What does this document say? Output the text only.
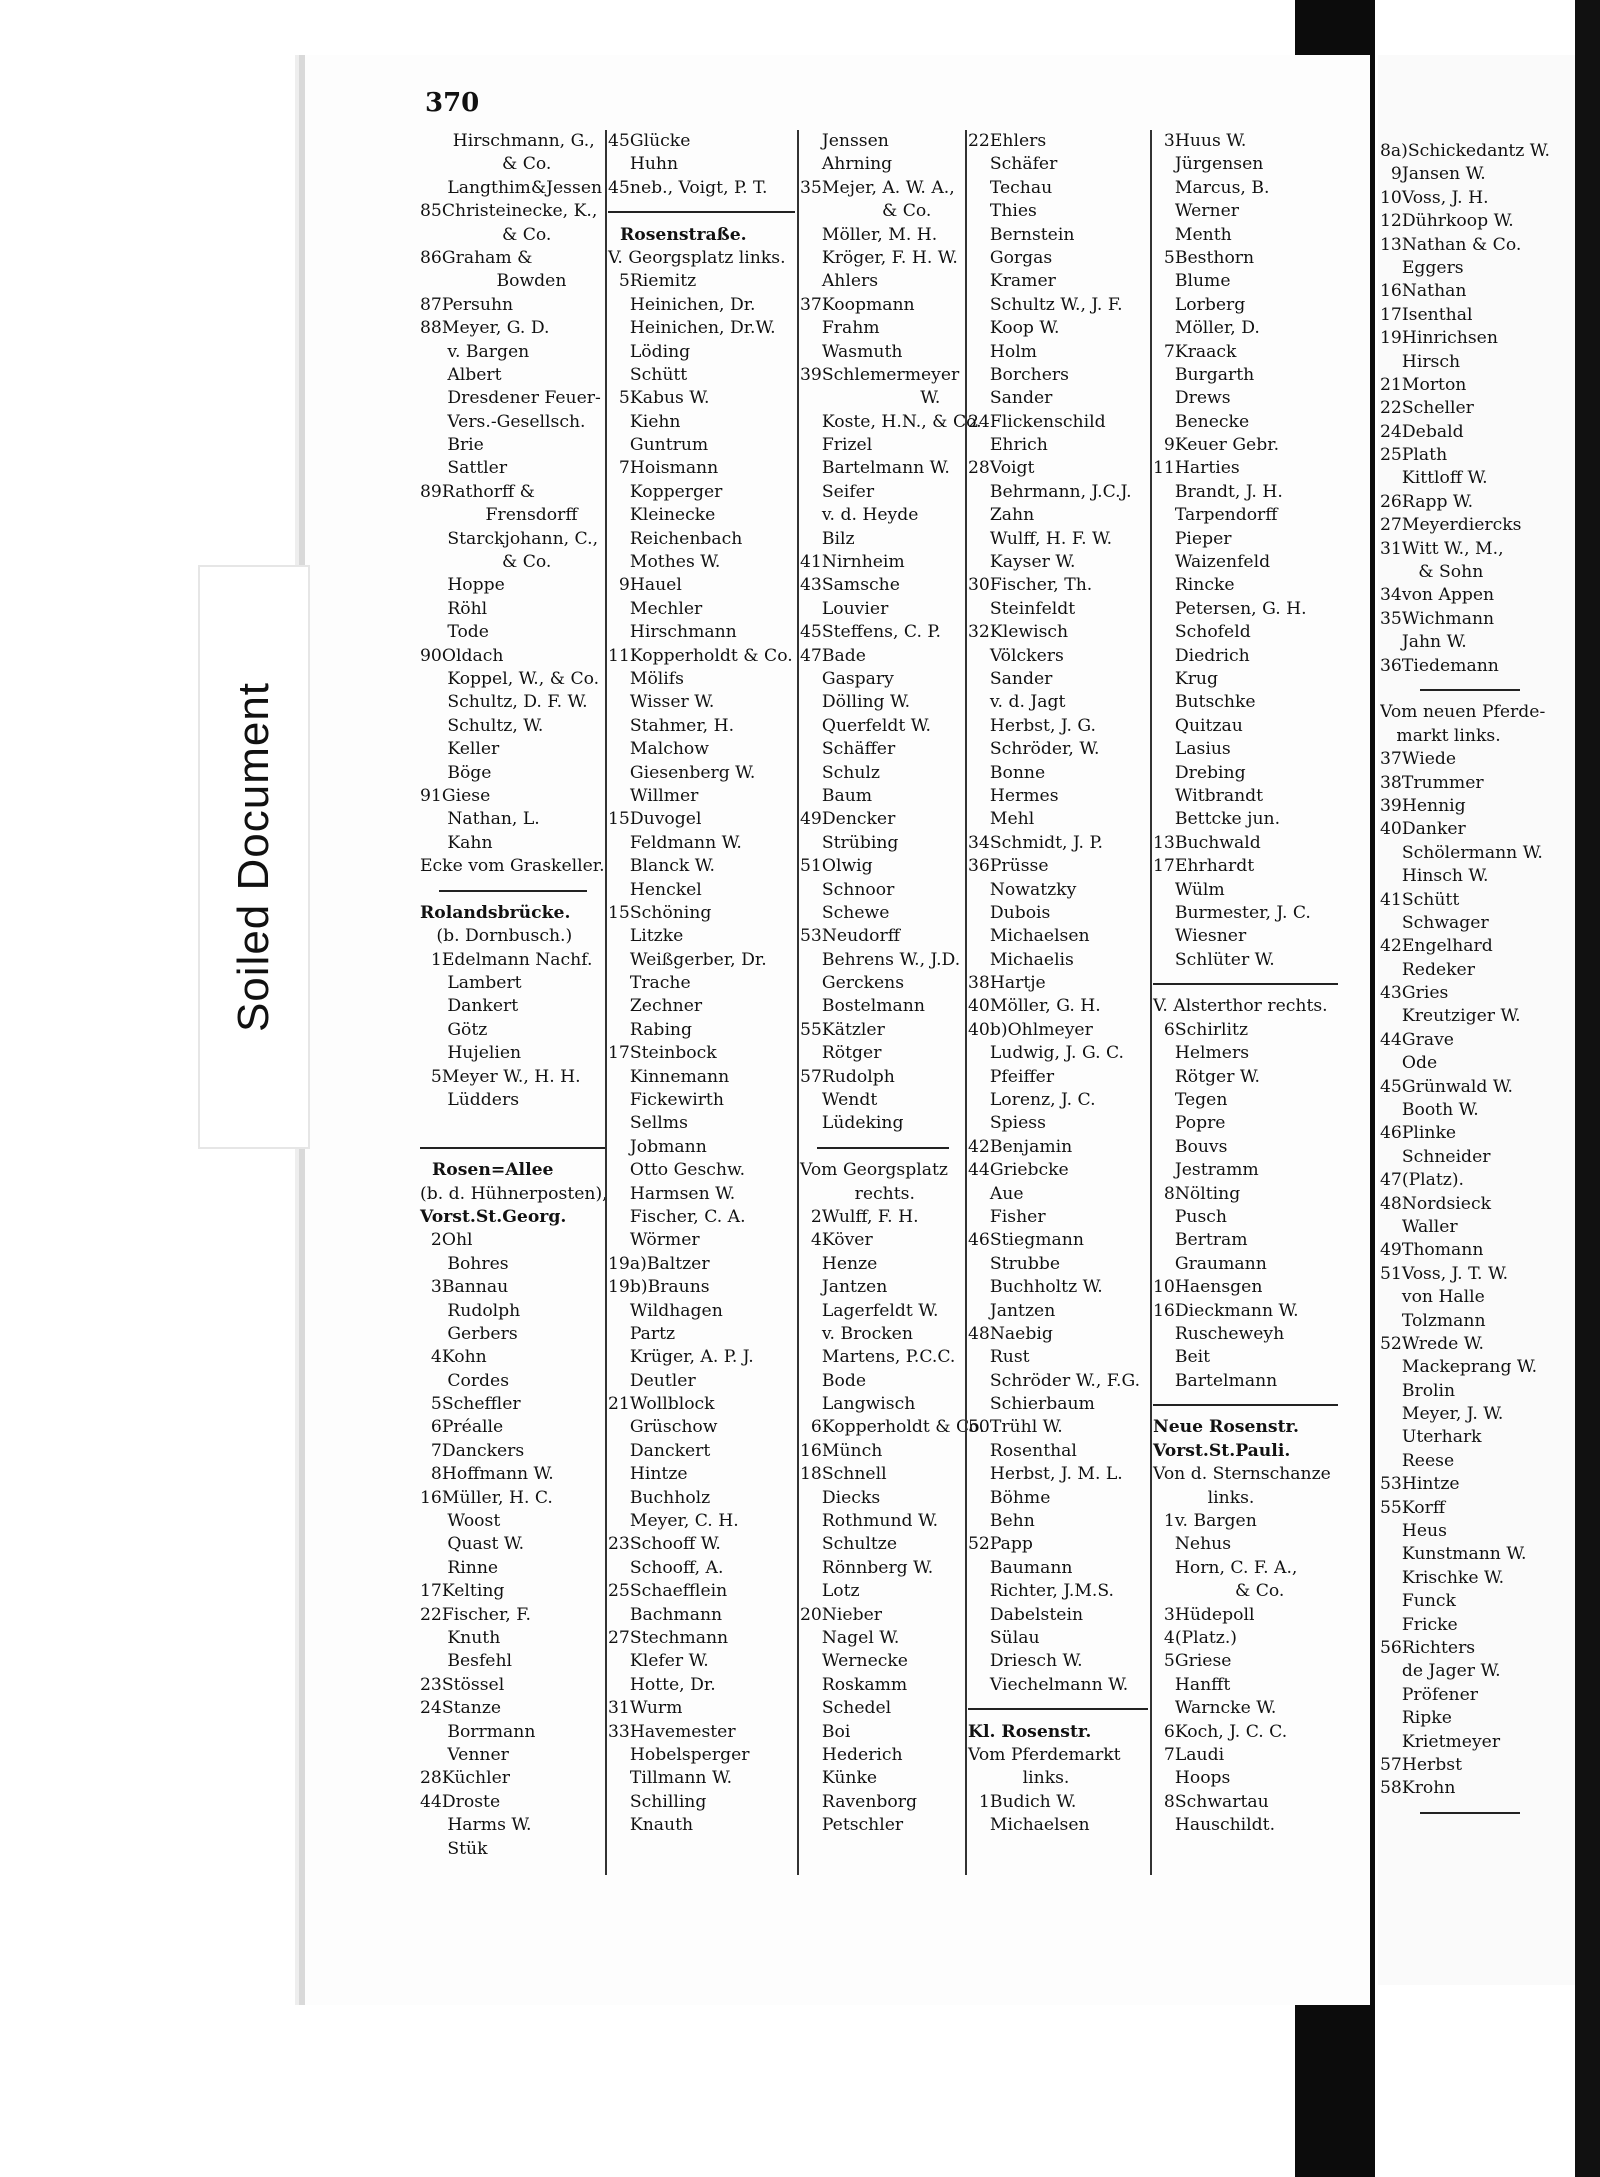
370
Soiled Document
Hirschmann, G.,
& Co.
Langthim&Jessen
85Christeinecke, K.,
& Co.
86Graham &
Bowden
87Persuhn
88Meyer, G. D.
v. Bargen
Albert
Dresdener Feuer-
Vers.-Gesellsch.
Brie
Sattler
89Rathorff &
Frensdorff
Starckjohann, C.,
& Co.
Hoppe
Röhl
Tode
90Oldach
Koppel, W., & Co.
Schultz, D. F. W.
Schultz, W.
Keller
Böge
91Giese
Nathan, L.
Kahn
Ecke vom Graskeller.
Rolandsbrücke.
(b. Dornbusch.)
1Edelmann Nachf.
Lambert
Dankert
Götz
Hujelien
5Meyer W., H. H.
Lüdders
Rosen=Allee
(b. d. Hühnerposten),
Vorst.St.Georg.
2Ohl
Bohres
3Bannau
Rudolph
Gerbers
4Kohn
Cordes
5Scheffler
6Préalle
7Danckers
8Hoffmann W.
16Müller, H. C.
Woost
Quast W.
Rinne
17Kelting
22Fischer, F.
Knuth
Besfehl
23Stössel
24Stanze
Borrmann
Venner
28Küchler
44Droste
Harms W.
Stük
45Glücke
Huhn
45neb., Voigt, P. T.
Rosenstraße.
V. Georgsplatz links.
5Riemitz
Heinichen, Dr.
Heinichen, Dr.W.
Löding
Schütt
5Kabus W.
Kiehn
Guntrum
7Hoismann
Kopperger
Kleinecke
Reichenbach
Mothes W.
9Hauel
Mechler
Hirschmann
11Kopperholdt & Co.
Mölifs
Wisser W.
Stahmer, H.
Malchow
Giesenberg W.
Willmer
15Duvogel
Feldmann W.
Blanck W.
Henckel
15Schöning
Litzke
Weißgerber, Dr.
Trache
Zechner
Rabing
17Steinbock
Kinnemann
Fickewirth
Sellms
Jobmann
Otto Geschw.
Harmsen W.
Fischer, C. A.
Wörmer
19a)Baltzer
19b)Brauns
Wildhagen
Partz
Krüger, A. P. J.
Deutler
21Wollblock
Grüschow
Danckert
Hintze
Buchholz
Meyer, C. H.
23Schooff W.
Schooff, A.
25Schaefflein
Bachmann
27Stechmann
Klefer W.
Hotte, Dr.
31Wurm
33Havemester
Hobelsperger
Tillmann W.
Schilling
Knauth
Jenssen
Ahrning
35Mejer, A. W. A.,
& Co.
Möller, M. H.
Kröger, F. H. W.
Ahlers
37Koopmann
Frahm
Wasmuth
39Schlemermeyer
W.
Koste, H.N., & Co.
Frizel
Bartelmann W.
Seifer
v. d. Heyde
Bilz
41Nirnheim
43Samsche
Louvier
45Steffens, C. P.
47Bade
Gaspary
Dölling W.
Querfeldt W.
Schäffer
Schulz
Baum
49Dencker
Strübing
51Olwig
Schnoor
Schewe
53Neudorff
Behrens W., J.D.
Gerckens
Bostelmann
55Kätzler
Rötger
57Rudolph
Wendt
Lüdeking
Vom Georgsplatz
rechts.
2Wulff, F. H.
4Köver
Henze
Jantzen
Lagerfeldt W.
v. Brocken
Martens, P.C.C.
Bode
Langwisch
6Kopperholdt & Co.
16Münch
18Schnell
Diecks
Rothmund W.
Schultze
Rönnberg W.
Lotz
20Nieber
Nagel W.
Wernecke
Roskamm
Schedel
Boi
Hederich
Künke
Ravenborg
Petschler
22Ehlers
Schäfer
Techau
Thies
Bernstein
Gorgas
Kramer
Schultz W., J. F.
Koop W.
Holm
Borchers
Sander
24Flickenschild
Ehrich
28Voigt
Behrmann, J.C.J.
Zahn
Wulff, H. F. W.
Kayser W.
30Fischer, Th.
Steinfeldt
32Klewisch
Völckers
Sander
v. d. Jagt
Herbst, J. G.
Schröder, W.
Bonne
Hermes
Mehl
34Schmidt, J. P.
36Prüsse
Nowatzky
Dubois
Michaelsen
Michaelis
38Hartje
40Möller, G. H.
40b)Ohlmeyer
Ludwig, J. G. C.
Pfeiffer
Lorenz, J. C.
Spiess
42Benjamin
44Griebcke
Aue
Fisher
46Stiegmann
Strubbe
Buchholtz W.
Jantzen
48Naebig
Rust
Schröder W., F.G.
Schierbaum
50Trühl W.
Rosenthal
Herbst, J. M. L.
Böhme
Behn
52Papp
Baumann
Richter, J.M.S.
Dabelstein
Sülau
Driesch W.
Viechelmann W.
Kl. Rosenstr.
Vom Pferdemarkt
links.
1Budich W.
Michaelsen
3Huus W.
Jürgensen
Marcus, B.
Werner
Menth
5Besthorn
Blume
Lorberg
Möller, D.
7Kraack
Burgarth
Drews
Benecke
9Keuer Gebr.
11Harties
Brandt, J. H.
Tarpendorff
Pieper
Waizenfeld
Rincke
Petersen, G. H.
Schofeld
Diedrich
Krug
Butschke
Quitzau
Lasius
Drebing
Witbrandt
Bettcke jun.
13Buchwald
17Ehrhardt
Wülm
Burmester, J. C.
Wiesner
Schlüter W.
V. Alsterthor rechts.
6Schirlitz
Helmers
Rötger W.
Tegen
Popre
Bouvs
Jestramm
8Nölting
Pusch
Bertram
Graumann
10Haensgen
16Dieckmann W.
Ruscheweyh
Beit
Bartelmann
Neue Rosenstr.
Vorst.St.Pauli.
Von d. Sternschanze
links.
1v. Bargen
Nehus
Horn, C. F. A.,
& Co.
3Hüdepoll
4(Platz.)
5Griese
Hanfft
Warncke W.
6Koch, J. C. C.
7Laudi
Hoops
8Schwartau
Hauschildt.
8a)Schickedantz W.
9Jansen W.
10Voss, J. H.
12Dührkoop W.
13Nathan & Co.
Eggers
16Nathan
17Isenthal
19Hinrichsen
Hirsch
21Morton
22Scheller
24Debald
25Plath
Kittloff W.
26Rapp W.
27Meyerdiercks
31Witt W., M.,
& Sohn
34von Appen
35Wichmann
Jahn W.
36Tiedemann
Vom neuen Pferde-
markt links.
37Wiede
38Trummer
39Hennig
40Danker
Schölermann W.
Hinsch W.
41Schütt
Schwager
42Engelhard
Redeker
43Gries
Kreutziger W.
44Grave
Ode
45Grünwald W.
Booth W.
46Plinke
Schneider
47(Platz).
48Nordsieck
Waller
49Thomann
51Voss, J. T. W.
von Halle
Tolzmann
52Wrede W.
Mackeprang W.
Brolin
Meyer, J. W.
Uterhark
Reese
53Hintze
55Korff
Heus
Kunstmann W.
Krischke W.
Funck
Fricke
56Richters
de Jager W.
Pröfener
Ripke
Krietmeyer
57Herbst
58Krohn
